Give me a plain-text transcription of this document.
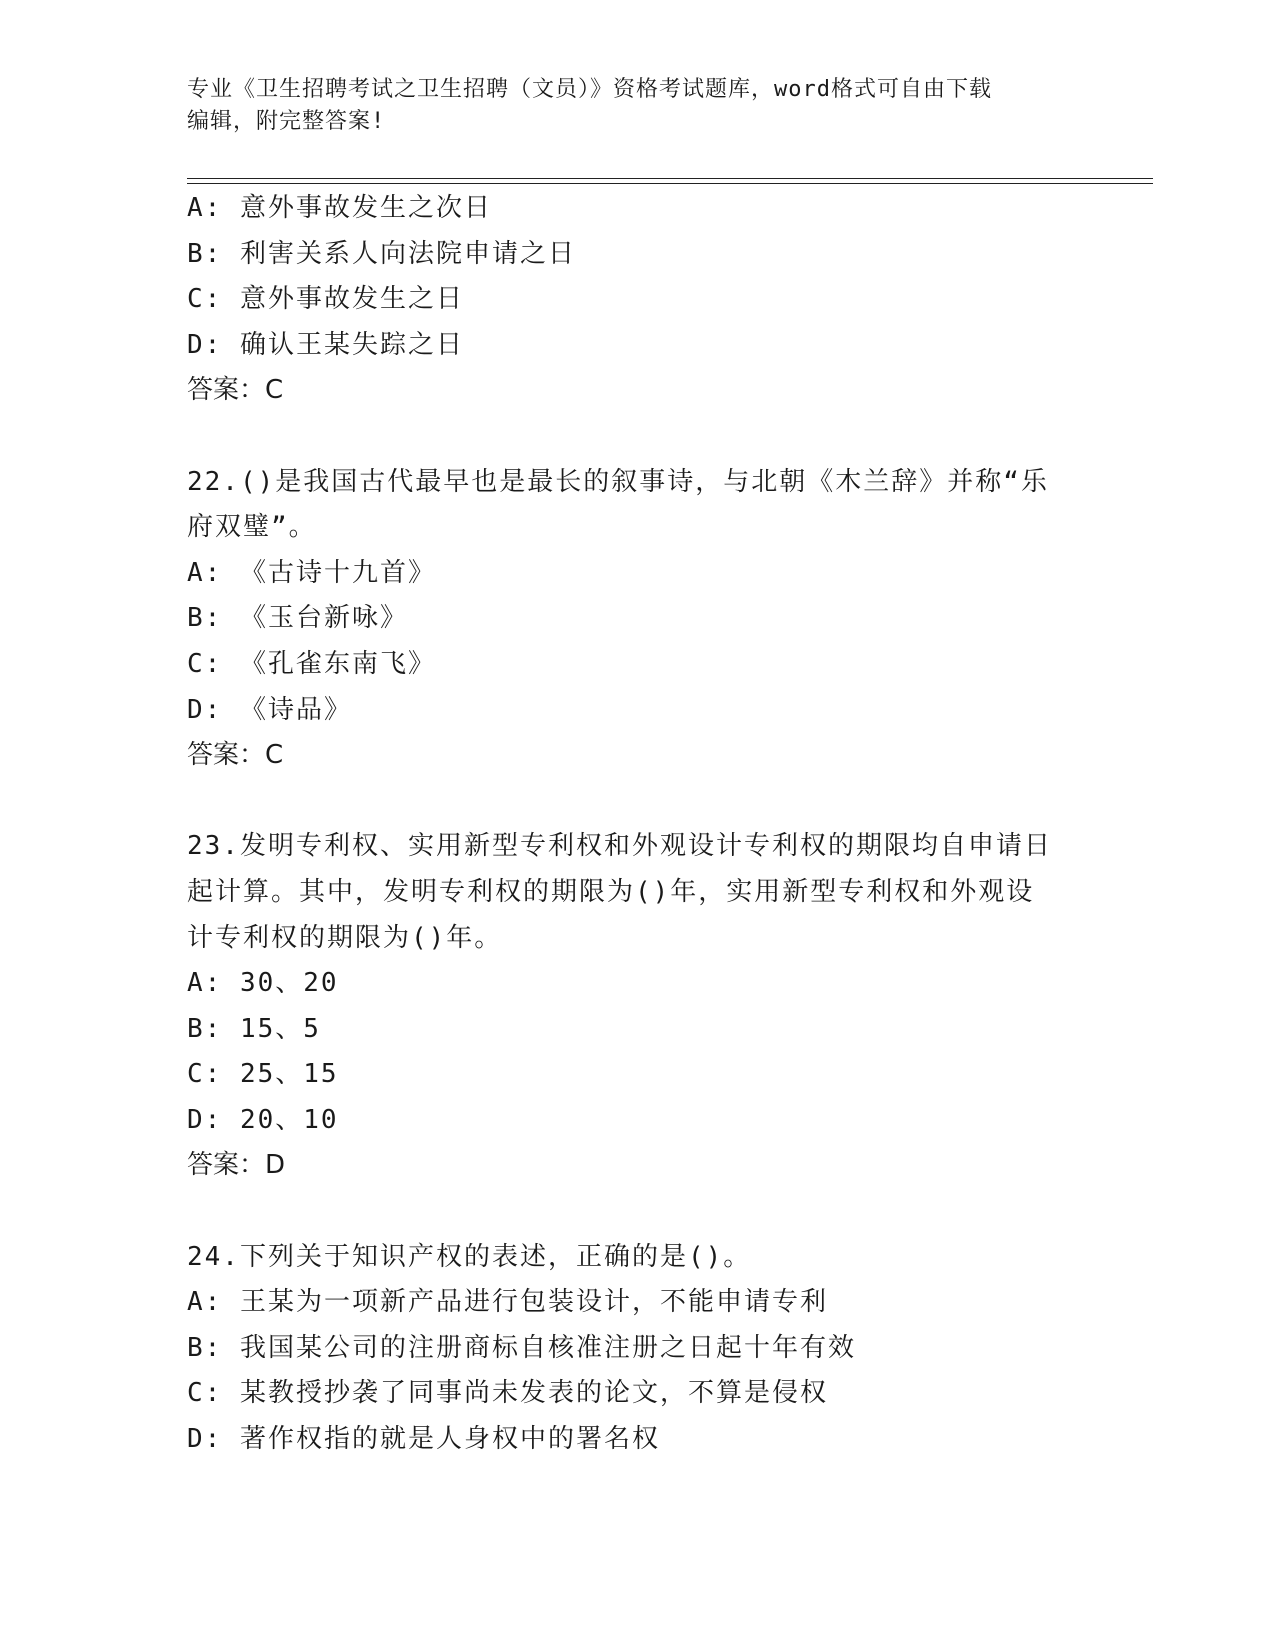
专业《卫生招聘考试之卫生招聘（文员）》资格考试题库，word格式可自由下载
编辑，附完整答案!
A: 意外事故发生之次日
B: 利害关系人向法院申请之日
C: 意外事故发生之日
D: 确认王某失踪之日
答案：C
22.()是我国古代最早也是最长的叙事诗，与北朝《木兰辞》并称“乐
府双璧”。
A: 《古诗十九首》
B: 《玉台新咏》
C: 《孔雀东南飞》
D: 《诗品》
答案：C
23.发明专利权、实用新型专利权和外观设计专利权的期限均自申请日
起计算。其中，发明专利权的期限为()年，实用新型专利权和外观设
计专利权的期限为()年。
A: 30、20
B: 15、5
C: 25、15
D: 20、10
答案：D
24.下列关于知识产权的表述，正确的是()。
A: 王某为一项新产品进行包装设计，不能申请专利
B: 我国某公司的注册商标自核准注册之日起十年有效
C: 某教授抄袭了同事尚未发表的论文，不算是侵权
D: 著作权指的就是人身权中的署名权
